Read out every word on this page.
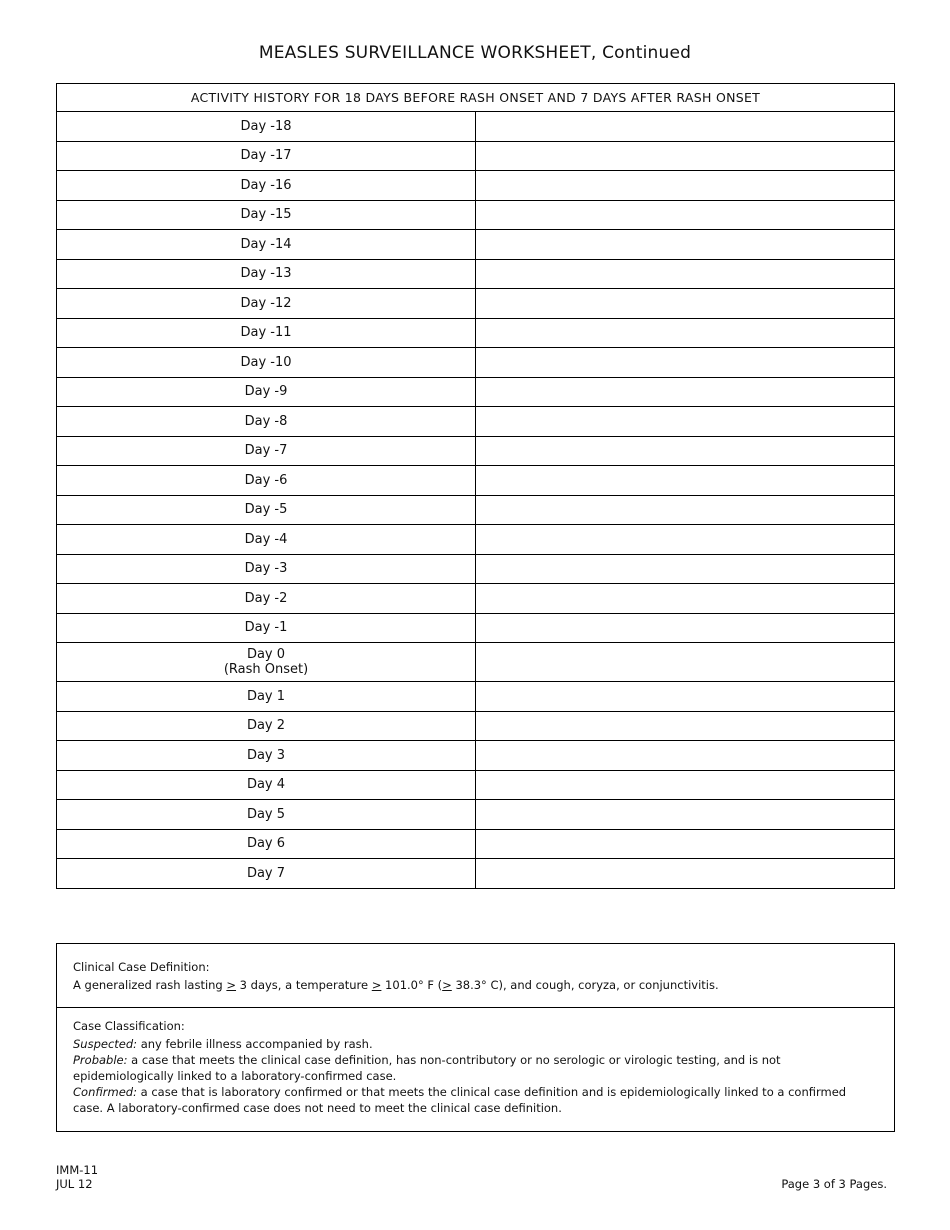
MEASLES SURVEILLANCE WORKSHEET, Continued
ACTIVITY HISTORY FOR 18 DAYS BEFORE RASH ONSET AND 7 DAYS AFTER RASH ONSET	
Day -18	
Day -17	
Day -16	
Day -15	
Day -14	
Day -13	
Day -12	
Day -11	
Day -10	
Day -9	
Day -8	
Day -7	
Day -6	
Day -5	
Day -4	
Day -3	
Day -2	
Day -1	

Day 0
(Rash Onset)

Day 1	
Day 2	
Day 3	
Day 4	
Day 5	
Day 6	
Day 7	
Clinical Case Definition:
A generalized rash lasting ≥ 3 days, a temperature ≥ 101.0° F (≥ 38.3° C), and cough, coryza, or conjunctivitis.
Case Classification:
Suspected: any febrile illness accompanied by rash.
Probable: a case that meets the clinical case definition, has non-contributory or no serologic or virologic testing, and is not epidemiologically linked to a laboratory-confirmed case.
Confirmed: a case that is laboratory confirmed or that meets the clinical case definition and is epidemiologically linked to a confirmed case. A laboratory-confirmed case does not need to meet the clinical case definition.
IMM-11
JUL 12	Page 3 of 3 Pages.
